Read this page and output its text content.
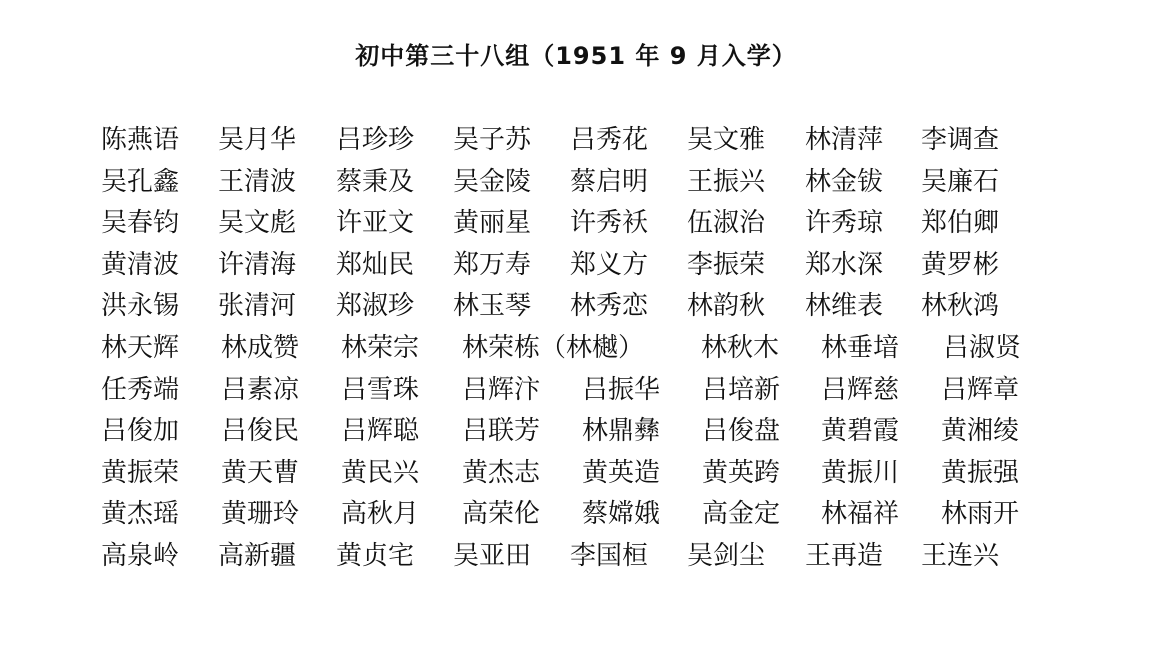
初中第三十八组（1951 年 9 月入学）
陈燕语 吴月华 吕珍珍 吴子苏 吕秀花 吴文雅 林清萍 李调查
吴孔鑫 王清波 蔡秉及 吴金陵 蔡启明 王振兴 林金钹 吴廉石
吴春钧 吴文彪 许亚文 黄丽星 许秀袄 伍淑治 许秀琼 郑伯卿
黄清波 许清海 郑灿民 郑万寿 郑义方 李振荣 郑水深 黄罗彬
洪永锡 张清河 郑淑珍 林玉琴 林秀恋 林韵秋 林维表 林秋鸿
林天辉 林成赞 林荣宗 林荣栋（林樾） 林秋木 林垂堷 吕淑贤
任秀端 吕素凉 吕雪珠 吕辉汴 吕振华 吕培新 吕辉慈 吕辉章
吕俊加 吕俊民 吕辉聪 吕联芳 林鼎彝 吕俊盘 黄碧霞 黄湘绫
黄振荣 黄天曹 黄民兴 黄杰志 黄英造 黄英跨 黄振川 黄振强
黄杰瑶 黄珊玲 高秋月 高荣伦 蔡嫦娥 高金定 林福祥 林雨开
高泉岭 高新疆 黄贞宅 吴亚田 李国桓 吴剑尘 王再造 王连兴
